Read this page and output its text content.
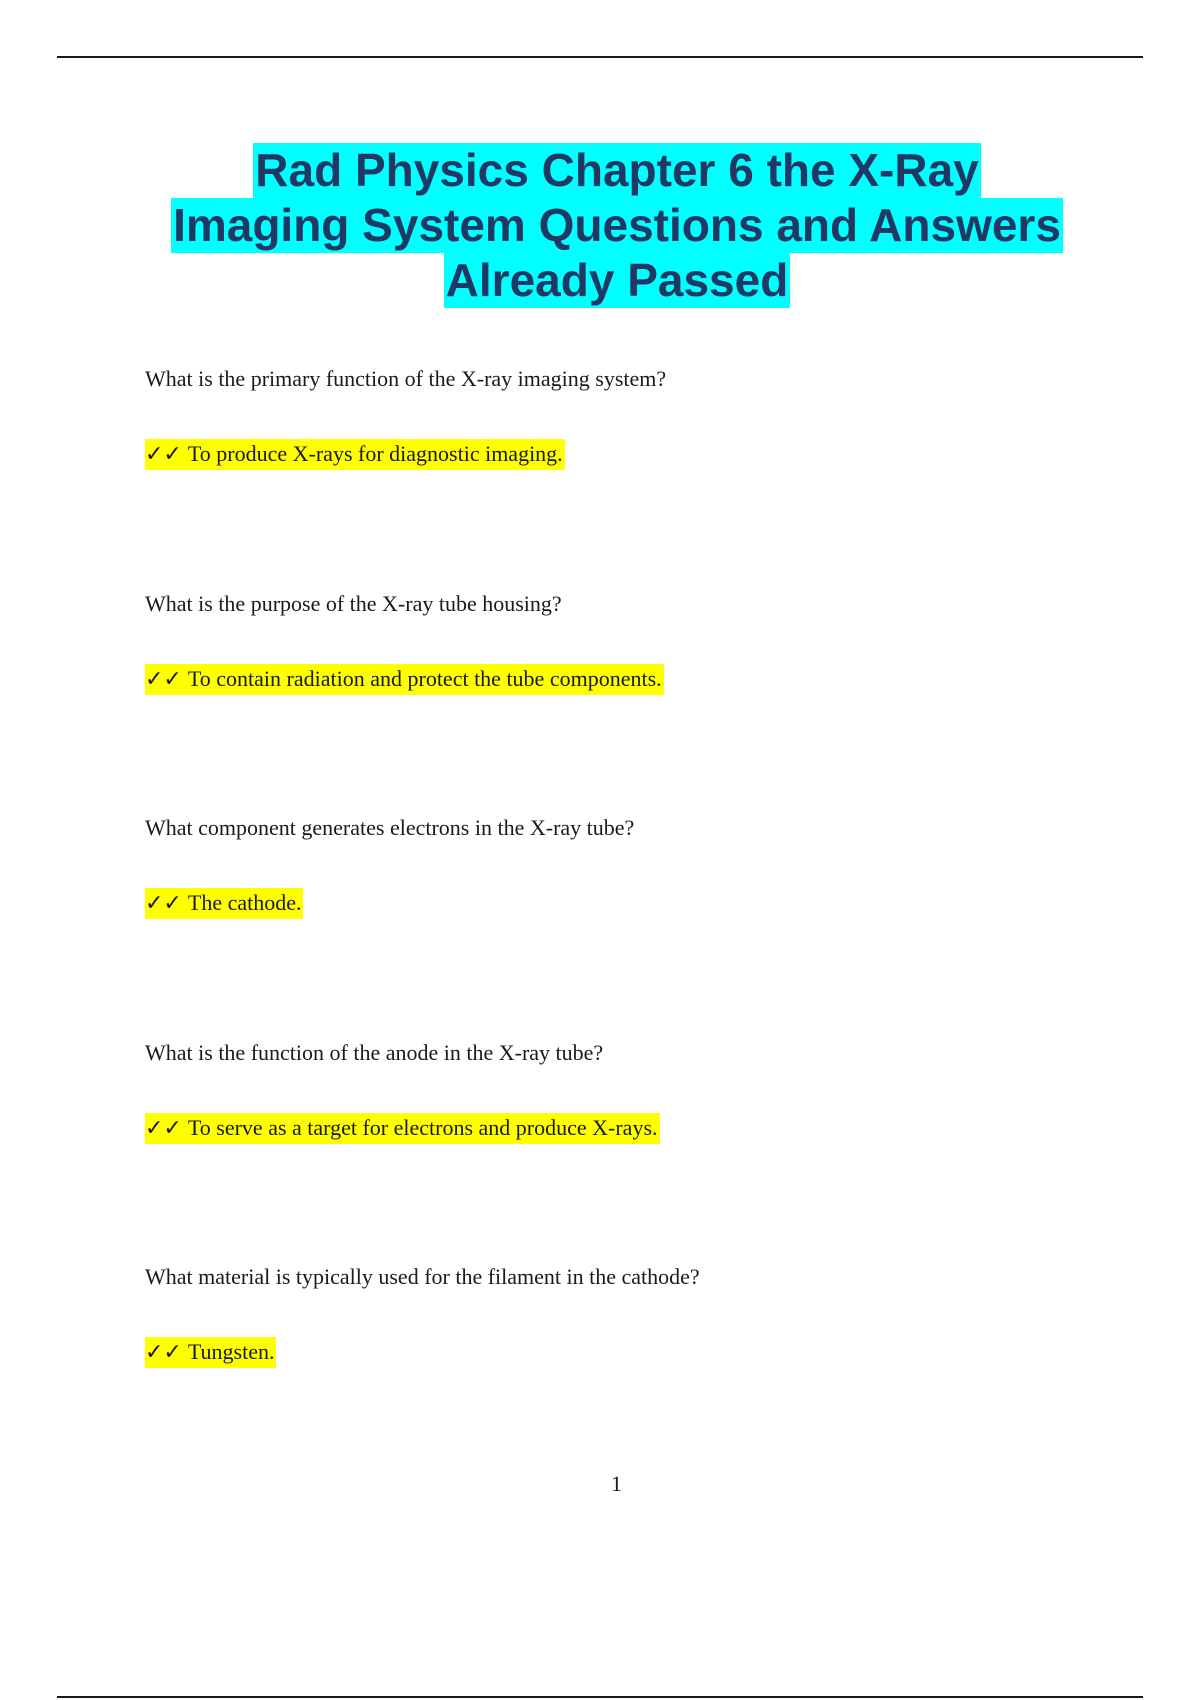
Rad Physics Chapter 6 the X-Ray
Imaging System Questions and Answers
Already Passed
What is the primary function of the X-ray imaging system?
✓✓ To produce X-rays for diagnostic imaging.
What is the purpose of the X-ray tube housing?
✓✓ To contain radiation and protect the tube components.
What component generates electrons in the X-ray tube?
✓✓ The cathode.
What is the function of the anode in the X-ray tube?
✓✓ To serve as a target for electrons and produce X-rays.
What material is typically used for the filament in the cathode?
✓✓ Tungsten.
1
